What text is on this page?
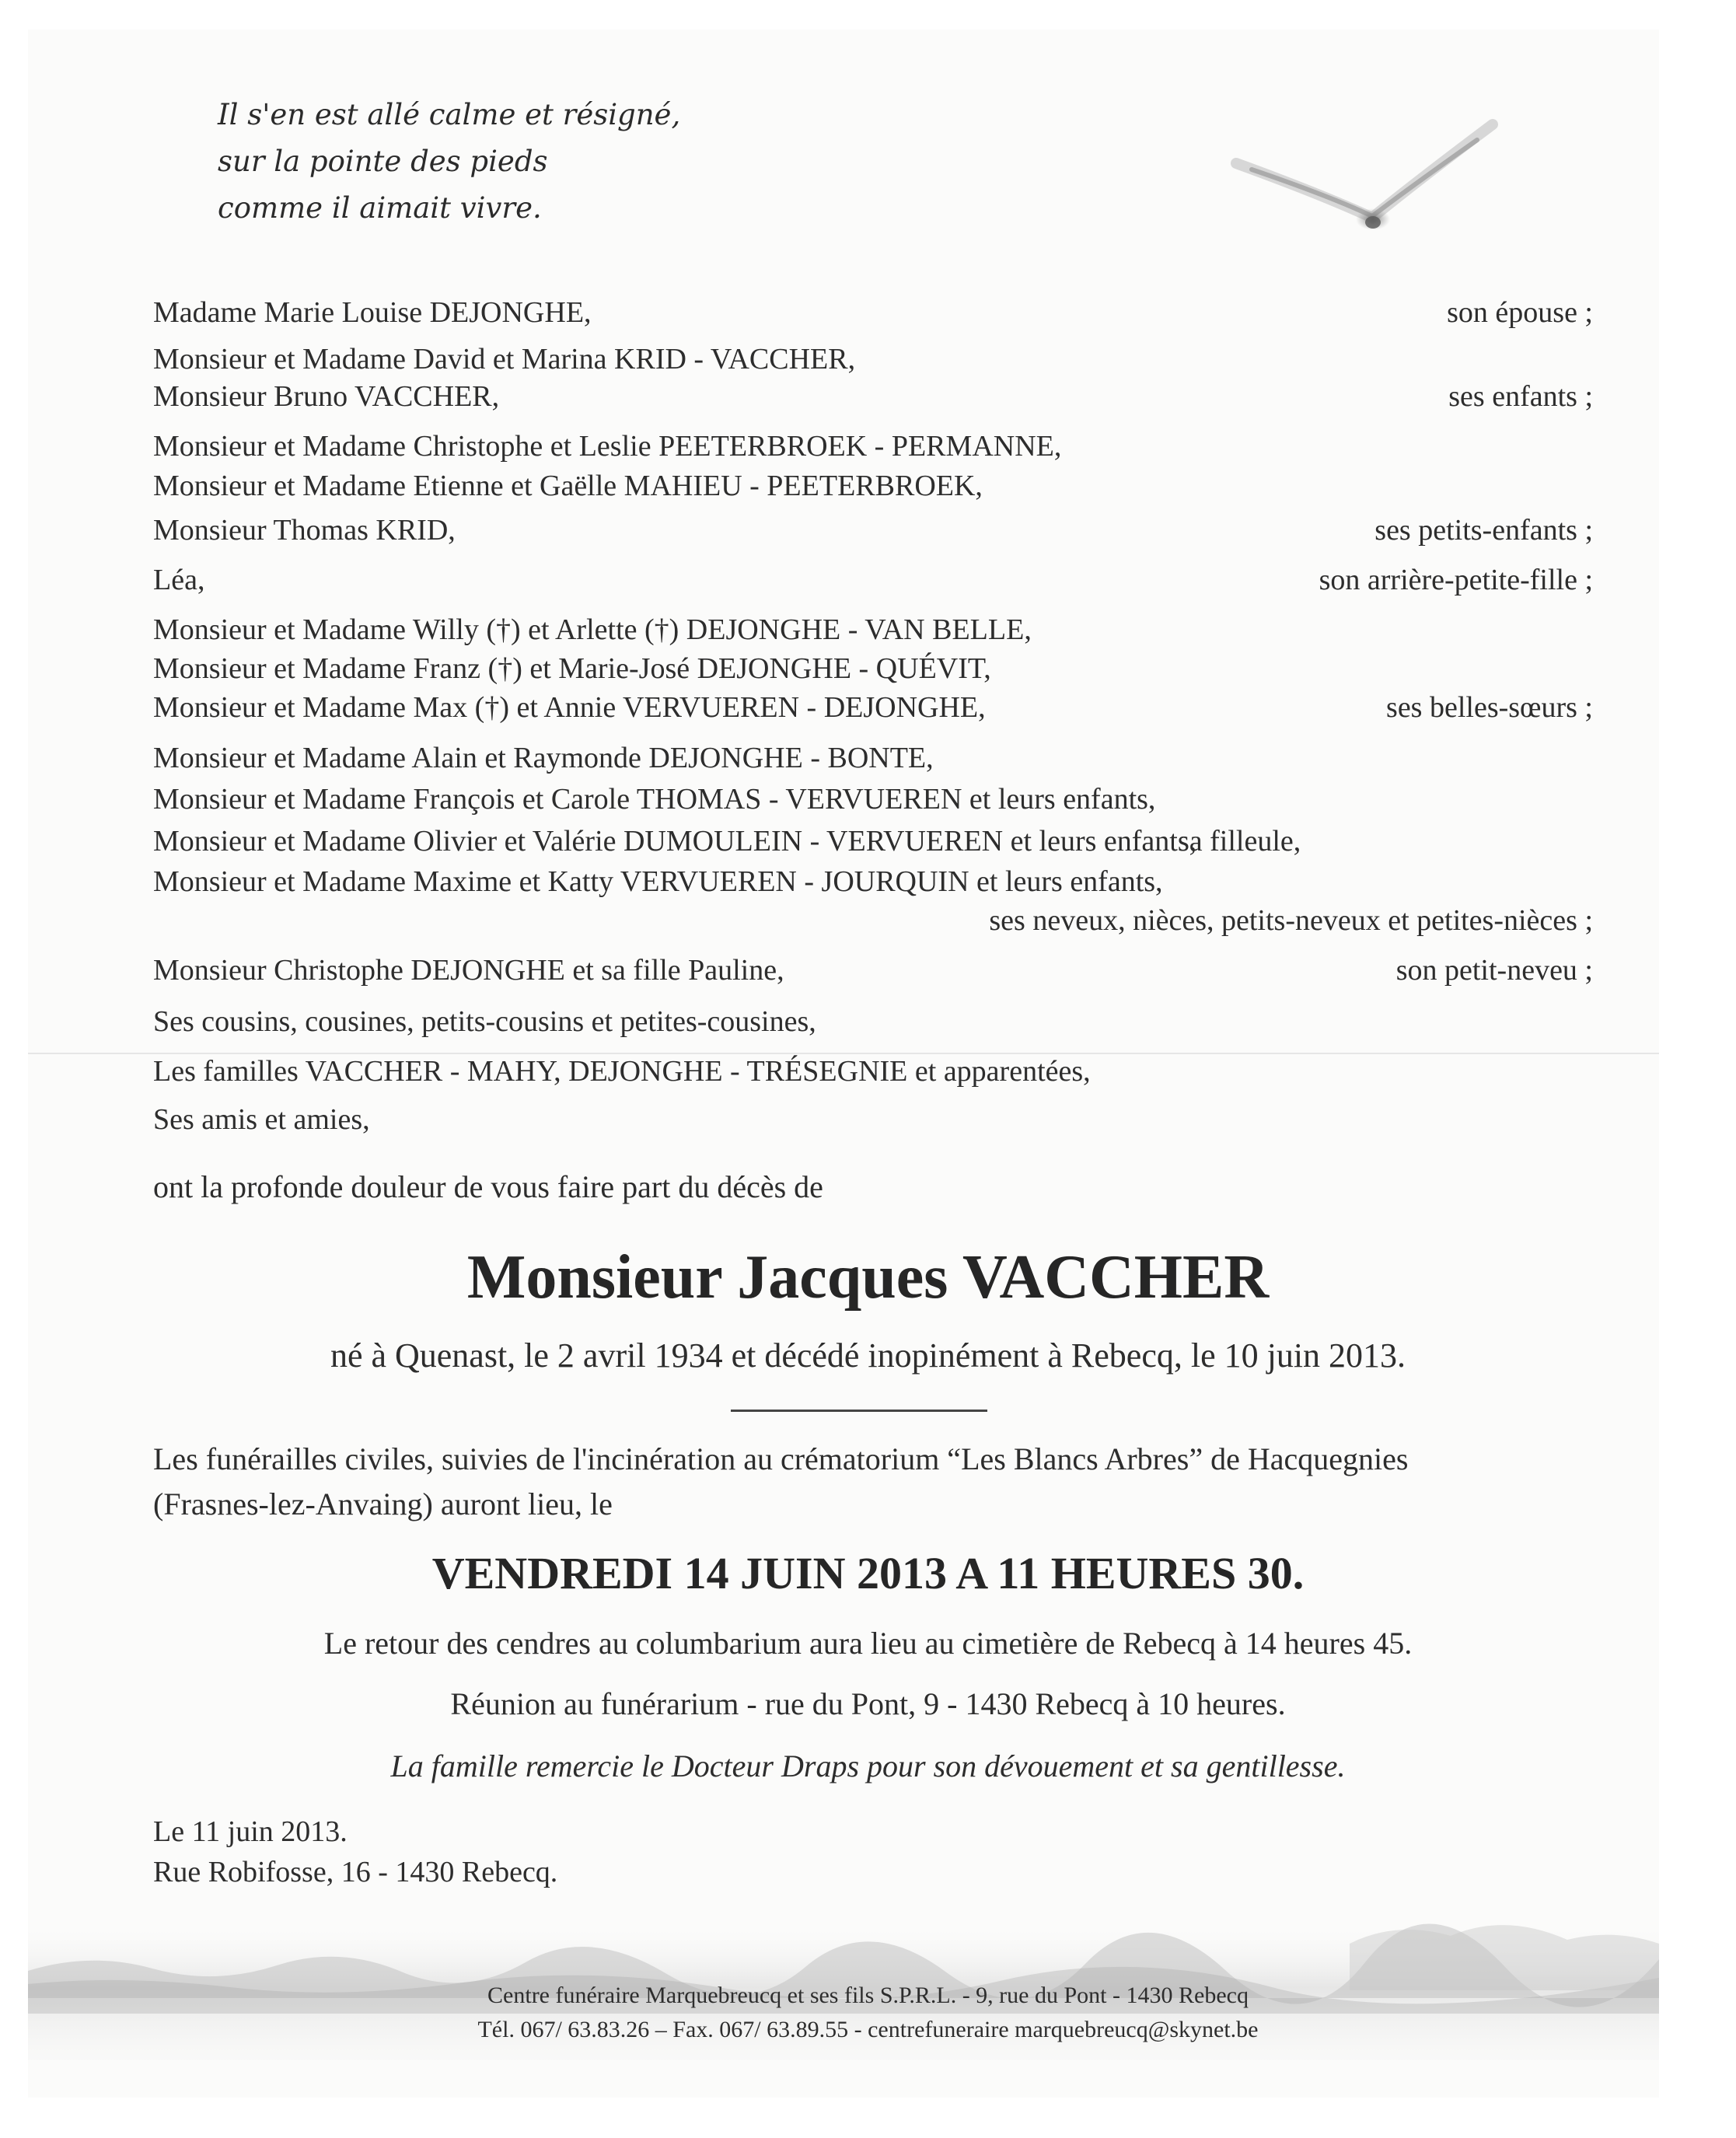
Il s'en est allé calme et résigné,
sur la pointe des pieds
comme il aimait vivre.
Madame Marie Louise DEJONGHE,	son épouse ;
Monsieur et Madame David et Marina KRID - VACCHER,
Monsieur Bruno VACCHER,	ses enfants ;
Monsieur et Madame Christophe et Leslie PEETERBROEK - PERMANNE,
Monsieur et Madame Etienne et Gaëlle MAHIEU - PEETERBROEK,
Monsieur Thomas KRID,	ses petits-enfants ;
Léa,	son arrière-petite-fille ;
Monsieur et Madame Willy (†) et Arlette (†) DEJONGHE - VAN BELLE,
Monsieur et Madame Franz (†) et Marie-José DEJONGHE - QUÉVIT,
Monsieur et Madame Max (†) et Annie VERVUEREN - DEJONGHE,	ses belles-sœurs ;
Monsieur et Madame Alain et Raymonde DEJONGHE - BONTE,
Monsieur et Madame François et Carole THOMAS - VERVUEREN et leurs enfants,
Monsieur et Madame Olivier et Valérie DUMOULEIN - VERVUEREN et leurs enfants,
sa filleule,
Monsieur et Madame Maxime et Katty VERVUEREN - JOURQUIN et leurs enfants,
ses neveux, nièces, petits-neveux et petites-nièces ;
Monsieur Christophe DEJONGHE et sa fille Pauline,	son petit-neveu ;
Ses cousins, cousines, petits-cousins et petites-cousines,
Les familles VACCHER - MAHY, DEJONGHE - TRÉSEGNIE et apparentées,
Ses amis et amies,
ont la profonde douleur de vous faire part du décès de
Monsieur Jacques VACCHER
né à Quenast, le 2 avril 1934 et décédé inopinément à Rebecq, le 10 juin 2013.
Les funérailles civiles, suivies de l'incinération au crématorium “Les Blancs Arbres” de Hacquegnies
(Frasnes-lez-Anvaing) auront lieu, le
VENDREDI 14 JUIN 2013 A 11 HEURES 30.
Le retour des cendres au columbarium aura lieu au cimetière de Rebecq à 14 heures 45.
Réunion au funérarium - rue du Pont, 9 - 1430 Rebecq à 10 heures.
La famille remercie le Docteur Draps pour son dévouement et sa gentillesse.
Le 11 juin 2013.
Rue Robifosse, 16 - 1430 Rebecq.
Centre funéraire Marquebreucq et ses fils S.P.R.L. - 9, rue du Pont - 1430 Rebecq
Tél. 067/ 63.83.26 – Fax. 067/ 63.89.55 - centrefuneraire marquebreucq@skynet.be
